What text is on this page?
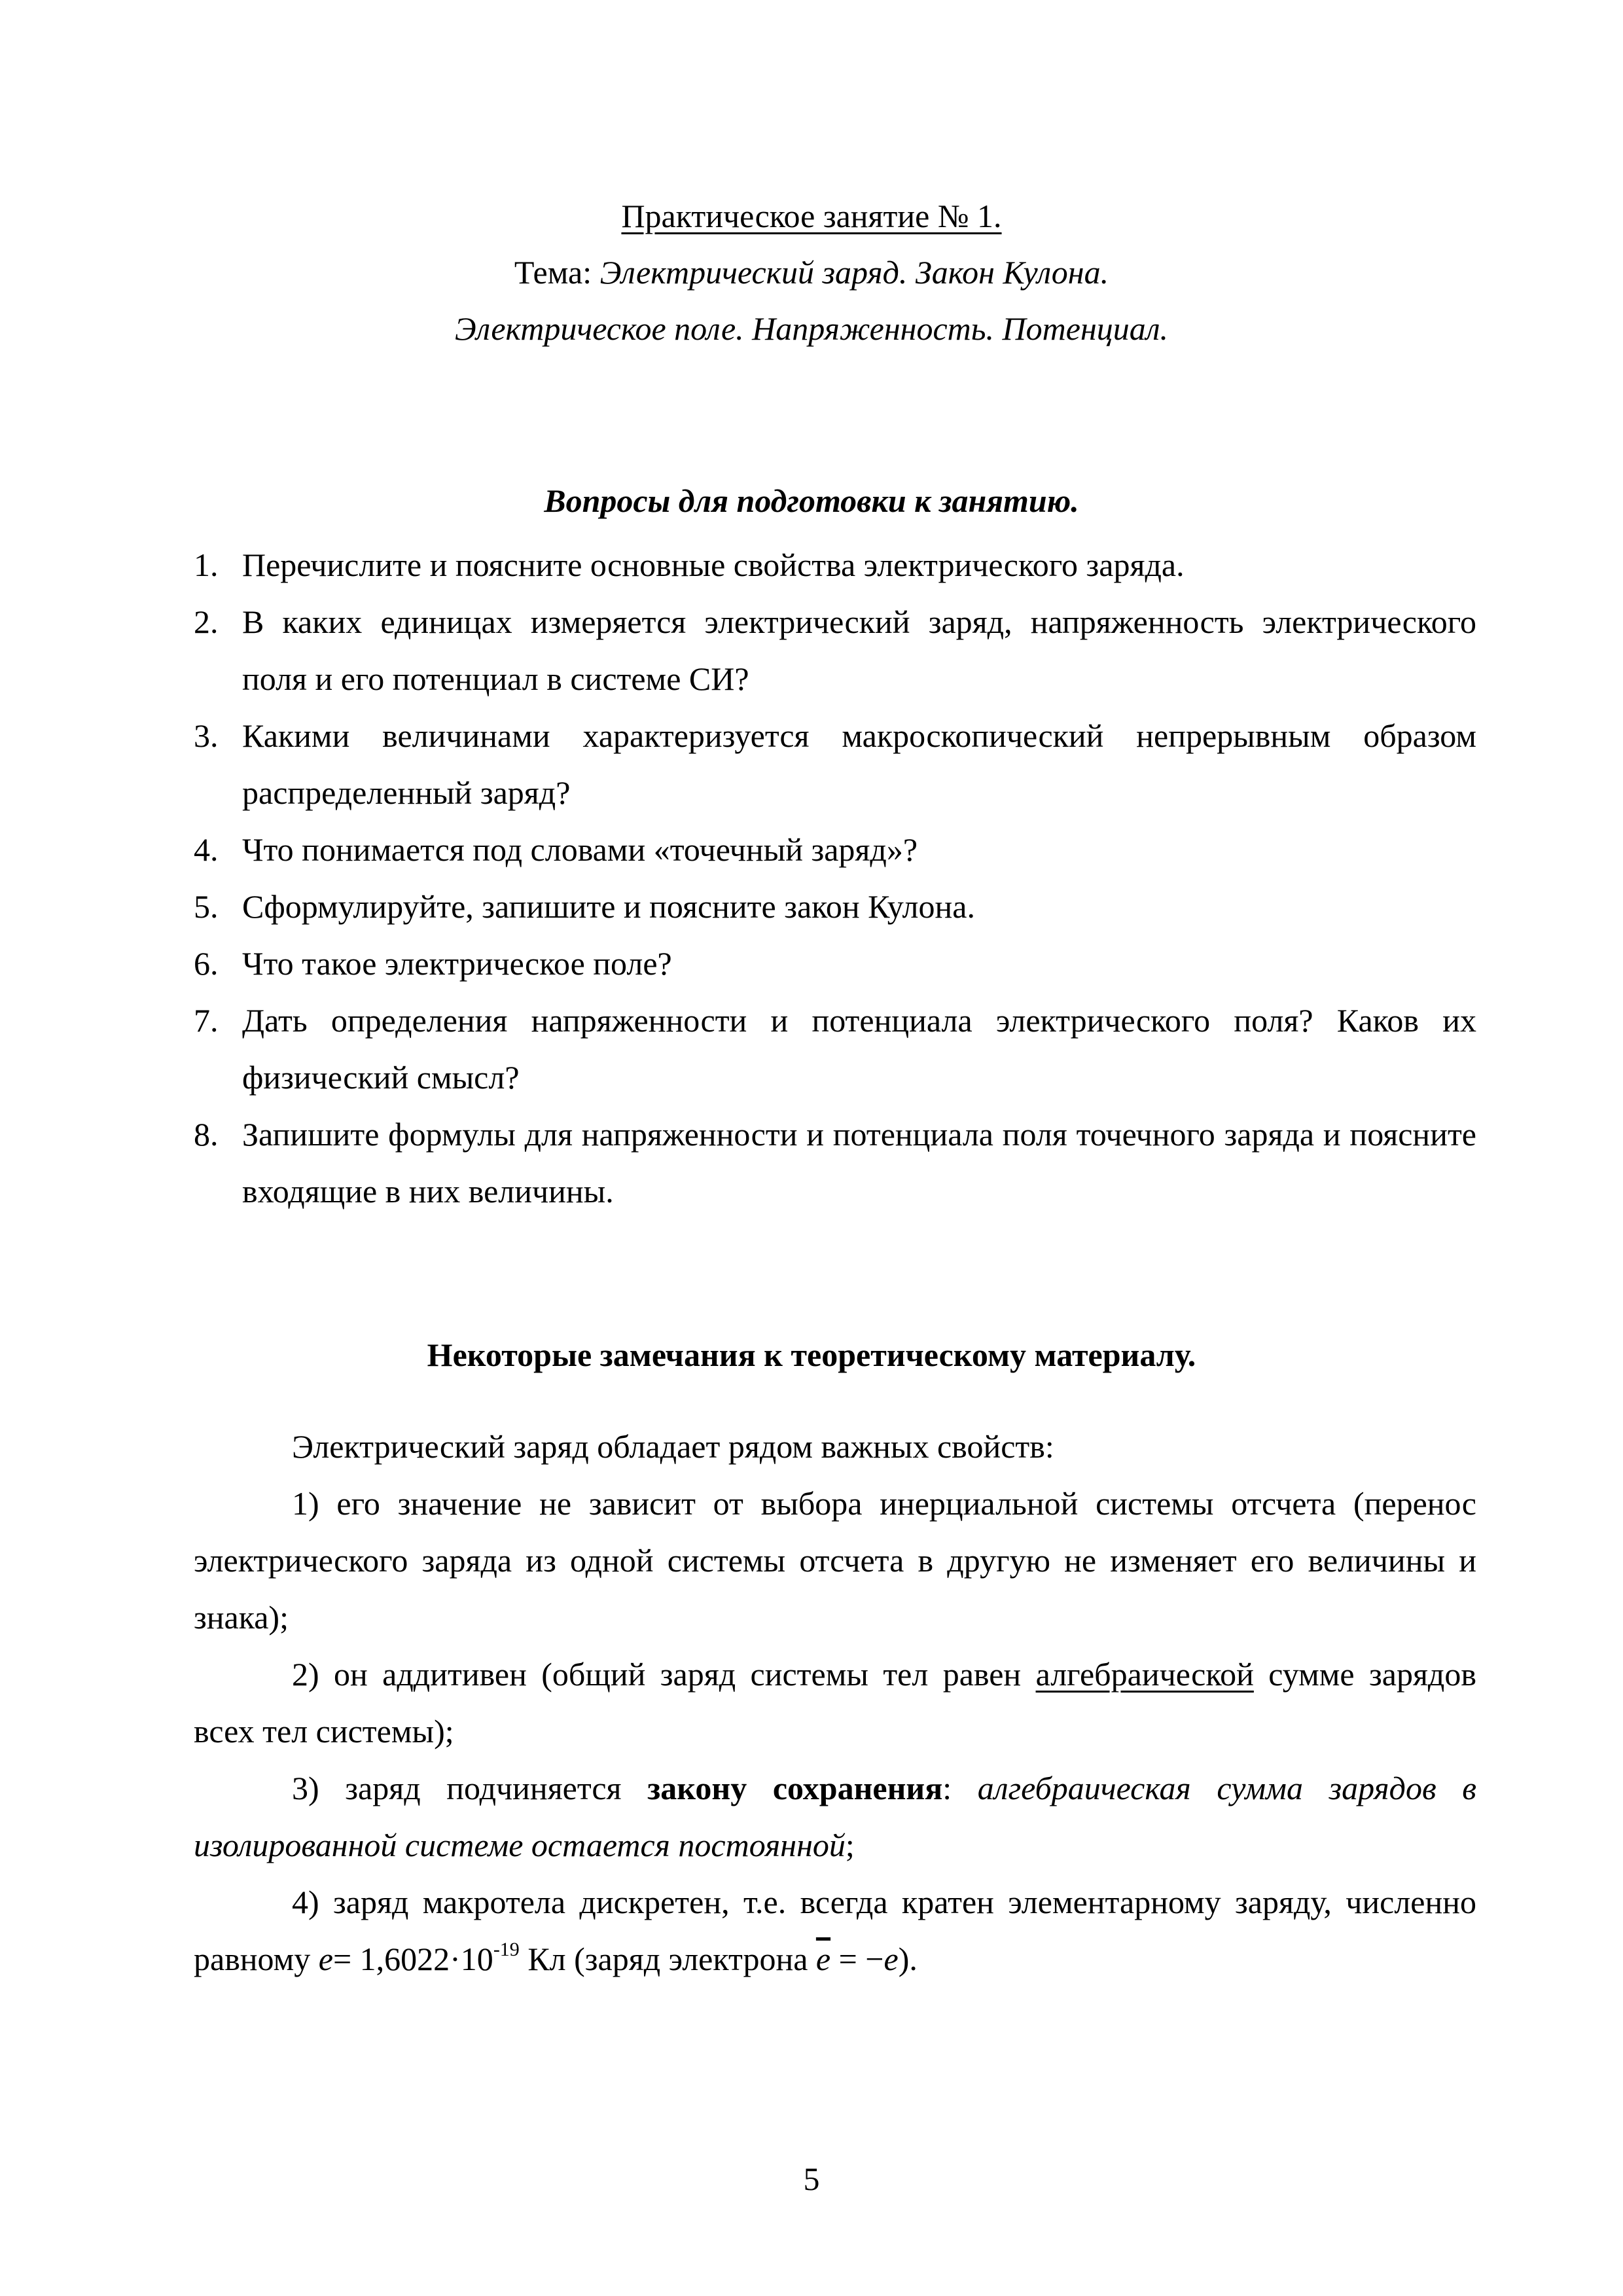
Практическое занятие № 1.
Тема: Электрический заряд. Закон Кулона.
Электрическое поле. Напряженность. Потенциал.
Вопросы для подготовки к занятию.
1. Перечислите и поясните основные свойства электрического заряда.
2. В каких единицах измеряется электрический заряд, напряженность электрического поля и его потенциал в системе СИ?
3. Какими величинами характеризуется макроскопический непрерывным образом распределенный заряд?
4. Что понимается под словами «точечный заряд»?
5. Сформулируйте, запишите и поясните закон Кулона.
6. Что такое электрическое поле?
7. Дать определения напряженности и потенциала электрического поля? Каков их физический смысл?
8. Запишите формулы для напряженности и потенциала поля точечного заряда и поясните входящие в них величины.
Некоторые замечания к теоретическому материалу.

Электрический заряд обладает рядом важных свойств:

1) его значение не зависит от выбора инерциальной системы отсчета (перенос электрического заряда из одной системы отсчета в другую не изменяет его величины и знака);

2) он аддитивен (общий заряд системы тел равен алгебраической сумме зарядов всех тел системы);

3) заряд подчиняется закону сохранения: алгебраическая сумма зарядов в изолированной системе остается постоянной;

4) заряд макротела дискретен, т.е. всегда кратен элементарному заряду, численно равному $e= 1,6022\cdot 10^{-19}$ Кл (заряд электрона $\overline{e} = -e$).

5
